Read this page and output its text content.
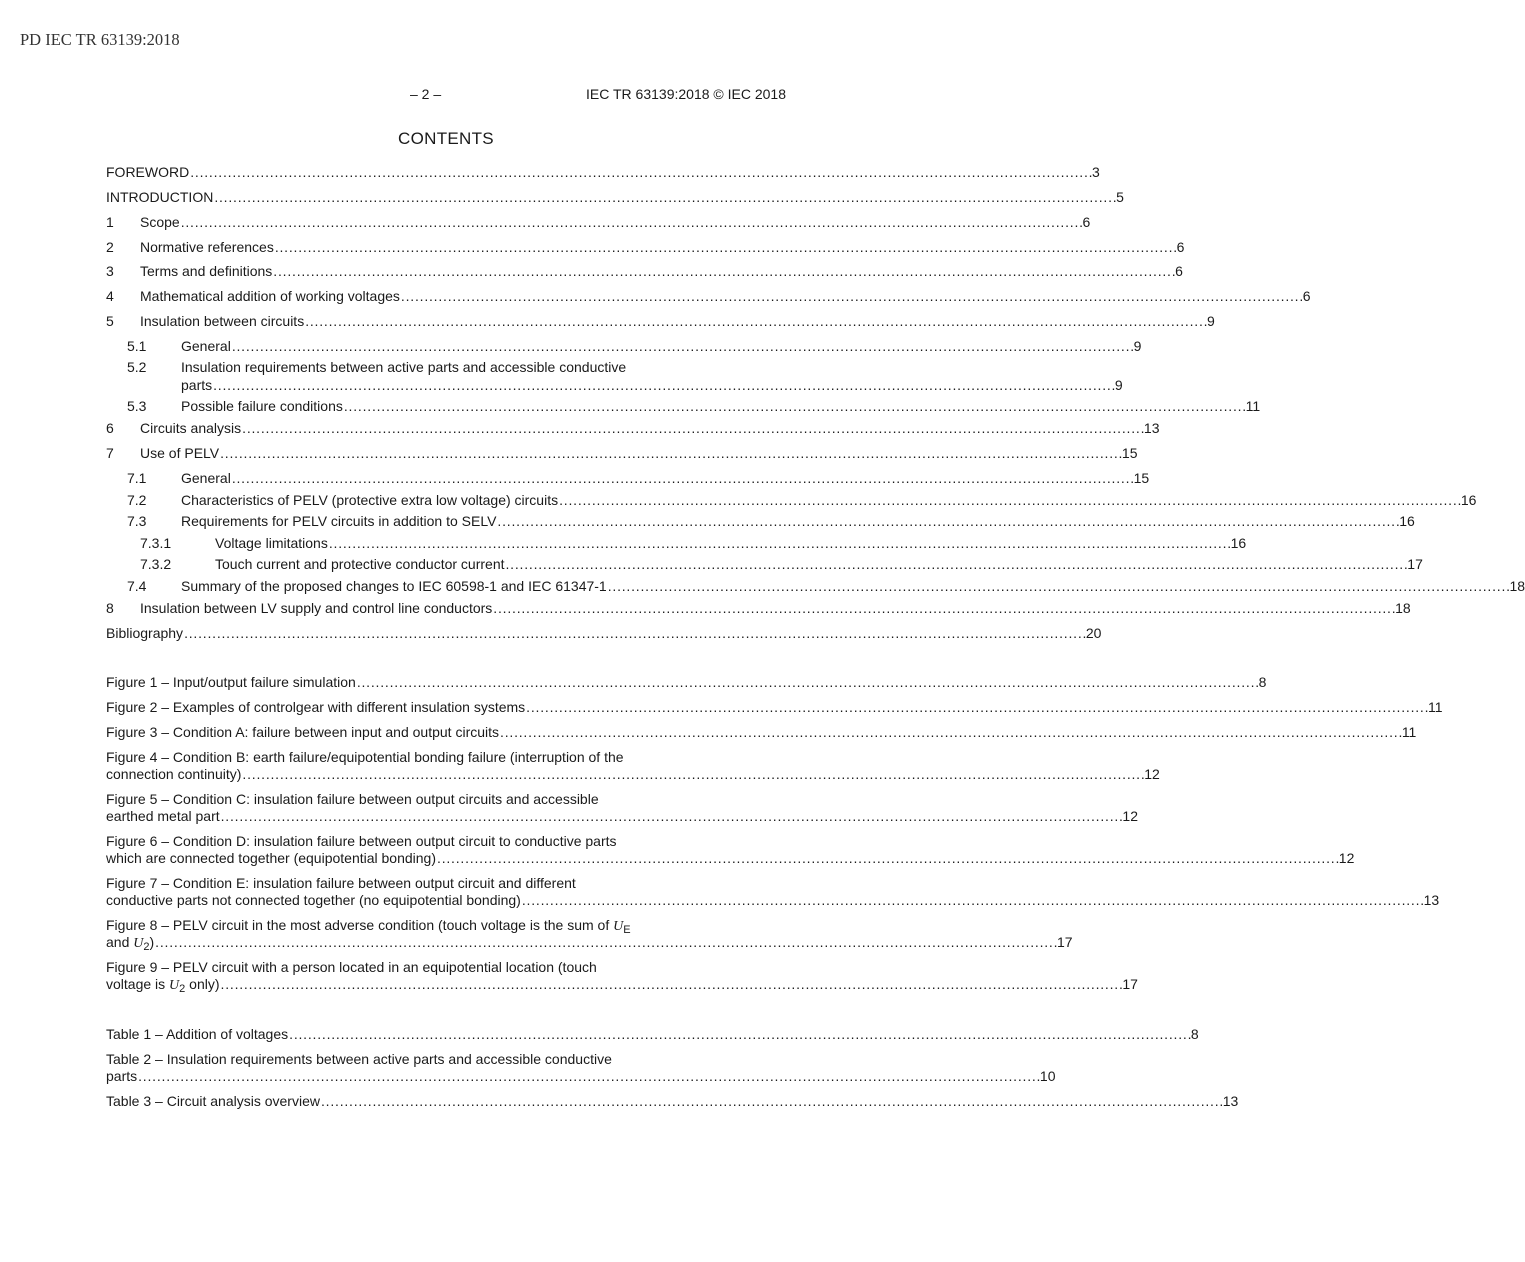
PD IEC TR 63139:2018
– 2 –	IEC TR 63139:2018 © IEC 2018
CONTENTS
FOREWORD . . .	3
INTRODUCTION . . .	5
1	Scope . . .	6
2	Normative references . . .	6
3	Terms and definitions . . .	6
4	Mathematical addition of working voltages . . .	6
5	Insulation between circuits . . .	9
5.1	General . . .	9
5.2 Insulation requirements between active parts and accessible conductive
parts . . .	9
5.3	Possible failure conditions . . .	11
6	Circuits analysis . . .	13
7	Use of PELV . . .	15
7.1	General . . .	15
7.2	Characteristics of PELV (protective extra low voltage) circuits . . .	16
7.3	Requirements for PELV circuits in addition to SELV . . .	16
7.3.1	Voltage limitations . . .	16
7.3.2	Touch current and protective conductor current . . .	17
7.4	Summary of the proposed changes to IEC 60598-1 and IEC 61347-1 . . .	18
8	Insulation between LV supply and control line conductors . . .	18
Bibliography . . .	20
Figure 1 – Input/output failure simulation . . .	8
Figure 2 – Examples of controlgear with different insulation systems . . .	11
Figure 3 – Condition A: failure between input and output circuits . . .	11
Figure 4 – Condition B: earth failure/equipotential bonding failure (interruption of the
connection continuity) . . .	12
Figure 5 – Condition C: insulation failure between output circuits and accessible
earthed metal part . . .	12
Figure 6 – Condition D: insulation failure between output circuit to conductive parts
which are connected together (equipotential bonding) . . .	12
Figure 7 – Condition E: insulation failure between output circuit and different
conductive parts not connected together (no equipotential bonding) . . .	13
Figure 8 – PELV circuit in the most adverse condition (touch voltage is the sum of $U_E$
and $U_2$) . . .	17
Figure 9 – PELV circuit with a person located in an equipotential location (touch
voltage is $U_2$ only) . . .	17
Table 1 – Addition of voltages . . .	8
Table 2 – Insulation requirements between active parts and accessible conductive
parts . . .	10
Table 3 – Circuit analysis overview . . .	13
